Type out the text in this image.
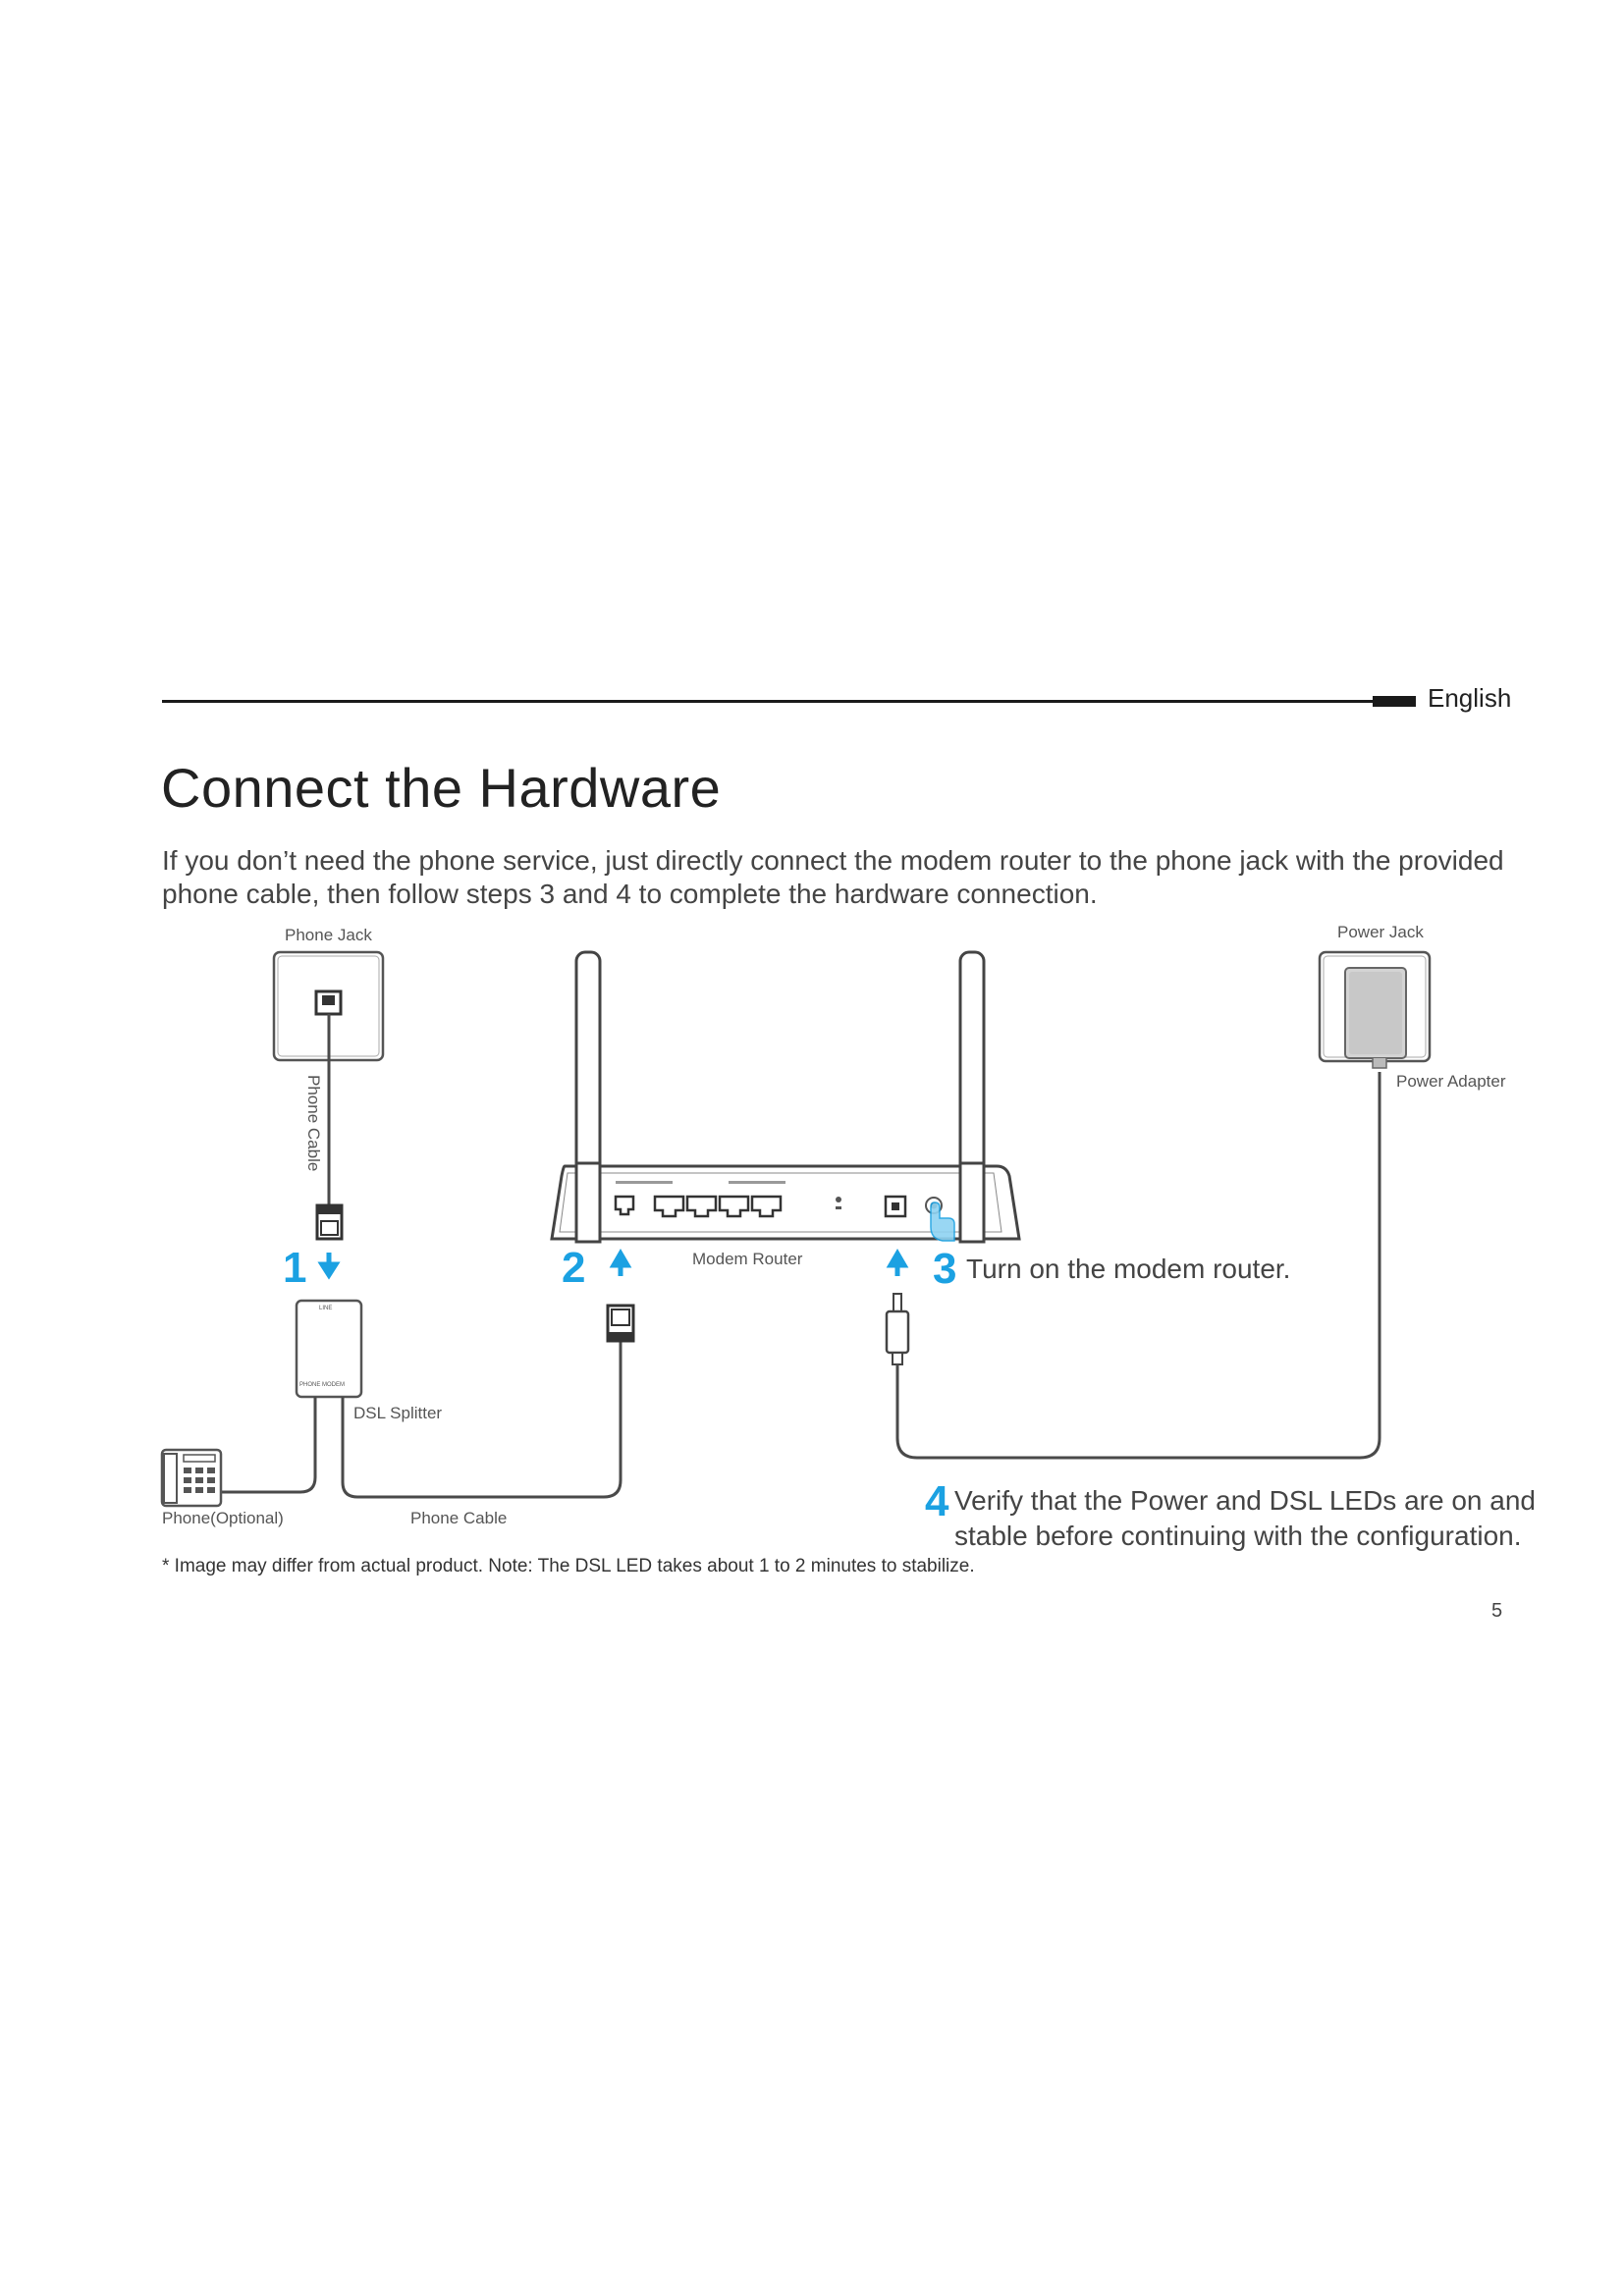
English
Connect the Hardware
If you don’t need the phone service, just directly connect the modem router to the phone jack with the provided phone cable, then follow steps 3 and 4 to complete the hardware connection.
Phone Jack
Phone Cable
1
LINE
PHONE MODEM
DSL Splitter
Phone Cable
Phone(Optional)
2	Modem Router	3 Turn on the modem router.
Power Jack
Power Adapter
4 Verify that the Power and DSL LEDs are on and
stable before continuing with the configuration.
* Image may differ from actual product. Note: The DSL LED takes about 1 to 2 minutes to stabilize.
5
